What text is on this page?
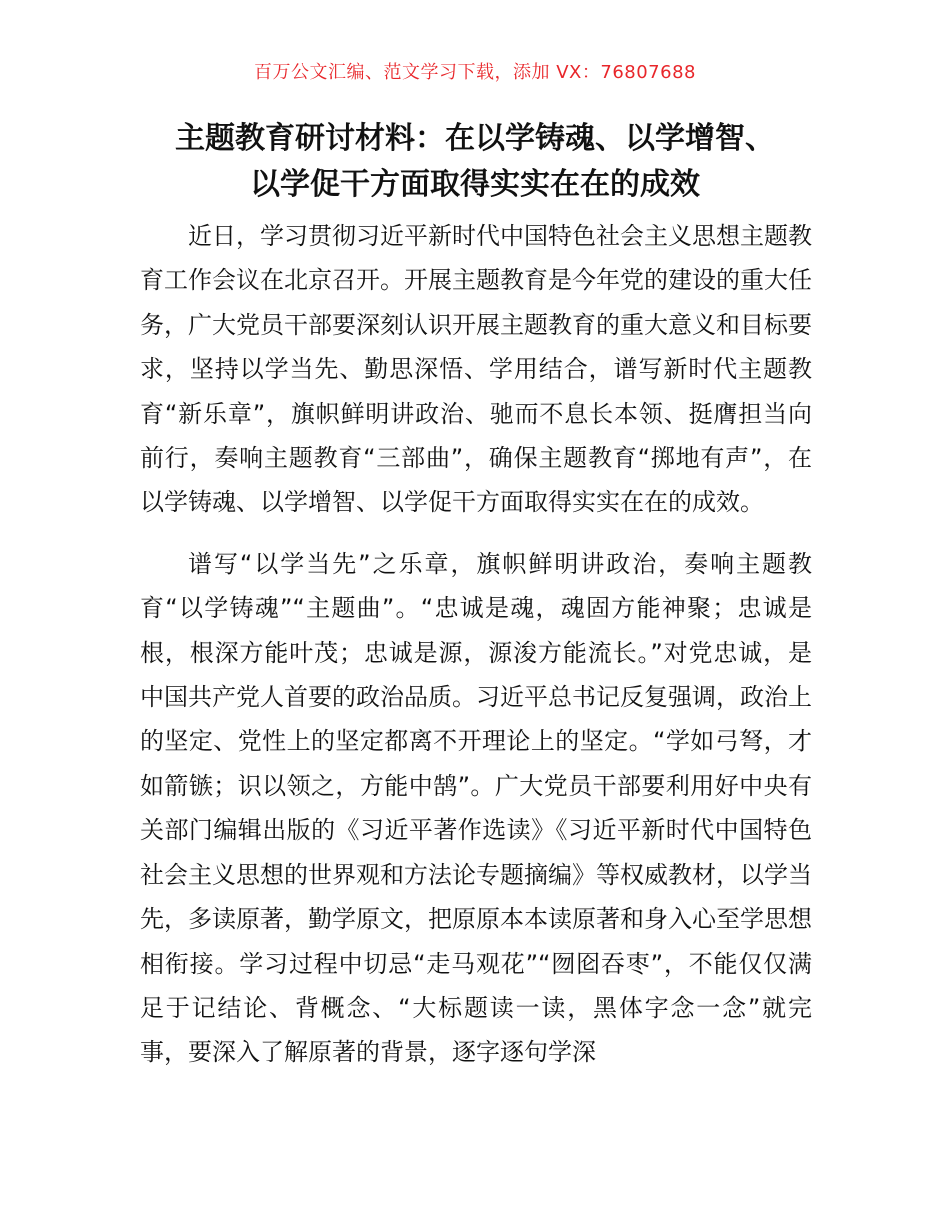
百万公文汇编、范文学习下载，添加 VX：76807688
主题教育研讨材料：在以学铸魂、以学增智、
以学促干方面取得实实在在的成效

近日，学习贯彻习近平新时代中国特色社会主义思想主题教育工作会议在北京召开。开展主题教育是今年党的建设的重大任务，广大党员干部要深刻认识开展主题教育的重大意义和目标要求，坚持以学当先、勤思深悟、学用结合，谱写新时代主题教育“新乐章”，旗帜鲜明讲政治、驰而不息长本领、挺膺担当向前行，奏响主题教育“三部曲”，确保主题教育“掷地有声”，在以学铸魂、以学增智、以学促干方面取得实实在在的成效。

谱写“以学当先”之乐章，旗帜鲜明讲政治，奏响主题教育“以学铸魂”“主题曲”。“忠诚是魂，魂固方能神聚；忠诚是根，根深方能叶茂；忠诚是源，源浚方能流长。”对党忠诚，是中国共产党人首要的政治品质。习近平总书记反复强调，政治上的坚定、党性上的坚定都离不开理论上的坚定。“学如弓弩，才如箭镞；识以领之，方能中鹄”。广大党员干部要利用好中央有关部门编辑出版的《习近平著作选读》《习近平新时代中国特色社会主义思想的世界观和方法论专题摘编》等权威教材，以学当先，多读原著，勤学原文，把原原本本读原著和身入心至学思想相衔接。学习过程中切忌“走马观花”“囫囵吞枣”，不能仅仅满足于记结论、背概念、“大标题读一读，黑体字念一念”就完事，要深入了解原著的背景，逐字逐句学深
